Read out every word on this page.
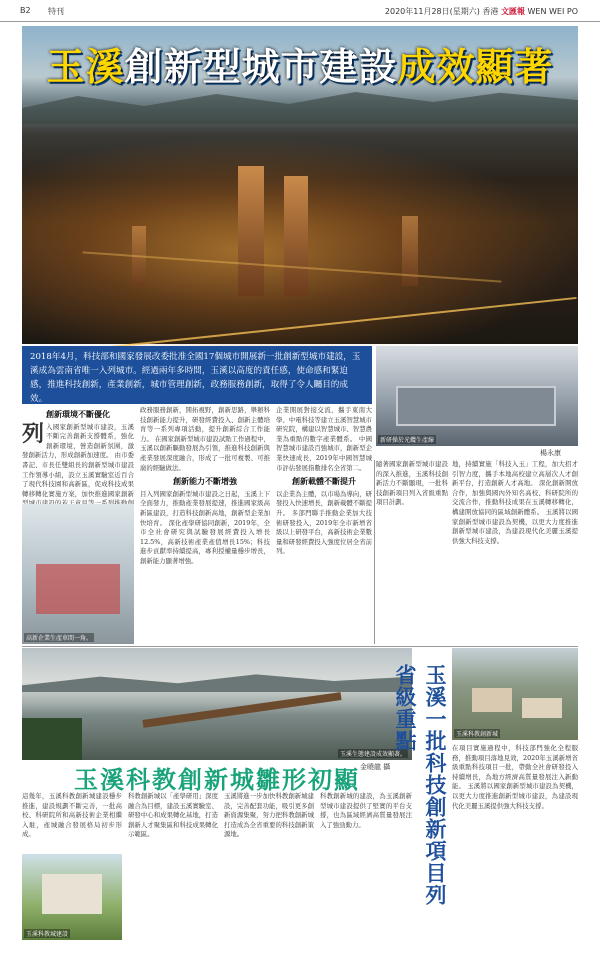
B2 特刊	2020年11月28日(星期六) 香港 文匯報 WEN WEI PO
玉溪創新型城市建設成效顯著
2018年4月，科技部和國家發展改委批准全國17個城市開展新一批創新型城市建設，玉溪成為雲南省唯一入列城市。經過兩年多時間，玉溪以高度的責任感，使命感和緊迫感，推進科技創新，產業創新，城市管理創新，政務服務創新，取得了令人矚目的成效。
新研操於光纜生產線
楊永康
創新環境不斷優化
列 入國家創新型城市建設，玉溪不斷完善創新支撐體系，強化創新環境，營造創新氛圍，激發創新活力，形成創新加速度。 由市委書記、市長任雙組長的創新型城市建設工作領導小組，設立玉溪實驗室近百合了現代科技園和高新區，促成科技成果轉移轉化實施方案，加快推進國家創新
高新企業生產車間一角。
政務服務創新，開拓視野，創新思路，舉辦科技創新能力提升，研發經費投入、創新主體培育等一系列專項活動，提升創新綜合工作能力。 在國家創新型城市建設試點工作過程中，玉溪以創新驅動發展為引領，推進科技創新與產業發展深度融合，形成了一批可複製、可推廣的經驗做法。
創新能力不斷增強
目入列國家創新型城市建設之日起，玉溪上下全面發力，推動產業發展提速，推進國家級高新區建設，打造科技創新高地，創新型企業加快培育。 深化產學研協同創新，2019年，全市全社會研究與試驗發展經費投入增長12.5%，高新技術產業產值增長15%；科技進步貢獻率持續提高，專利授權量穩步增長，創新能力顯著增強。
企業開展對接交流，攜手東南大學、中電科技等建立玉溪智慧城市研究院，構建以智慧城市、智慧農業為重點的數字產業體系。 中國智慧城市建設百強城市，創新型企業快速成長，2019年中國智慧城市評估發展指數排名全省第二。
創新載體不斷提升
以企業為主體，以市場為導向，研發投入快速增長，創新載體不斷提升。 多部門聯手推動企業加大技術研發投入，2019年全市新增省級以上研發平台，高新技術企業數量和研發經費投入強度位居全省前列。
地，持續實施「科技入玉」工程，加大招才引智力度，攜手本地高校建立高層次人才創新平台，打造創新人才高地。 深化創新開放合作，加強與國內外知名高校、科研院所的交流合作，推動科技成果在玉溪轉移轉化，構建開放協同的區域創新體系。 玉溪將以國家創新型城市建設為契機，以更大力度推進創新型城市建設，為建設現代化美麗玉溪提供強大科技支撐。
隨著國家創新型城市建設的深入推進，玉溪科技創新活力不斷顯現，一批科技創新項目列入省級重點項目計劃。
玉溪生態建設成效顯著。
金曉龍 攝 玉溪一批科技創新項目列省級重點	玉溪科教創新城
在項目實施過程中，科技部門強化全程服務，推動項目落地見效，2020年玉溪新增省級重點科技項目一批，帶動全社會研發投入持續增長，為地方經濟高質量發展注入新動能。 玉溪將以國家創新型城市建設為契機，以更大力度推進創新型城市建設，為建設現代化美麗玉溪提供強大科技支撐。
玉溪科教創新城雛形初顯
這幾年，玉溪科教創新城建設穩步推進，建設規劃不斷完善，一批高校、科研院所和高新技術企業相繼入駐，產城融合發展格局初步形成。
玉溪科教城建設
科教創新城以「產學研用」深度融合為目標，建設玉溪實驗室、研發中心和成果轉化基地，打造創新人才聚集區和科技成果轉化示範區。
玉溪將進一步加快科教創新城建設，完善配套功能，吸引更多創新資源集聚，努力把科教創新城打造成為全省重要的科技創新策源地。
科教創新城的建設，為玉溪創新型城市建設提供了堅實的平台支撐，也為區域經濟高質量發展注入了強勁動力。
